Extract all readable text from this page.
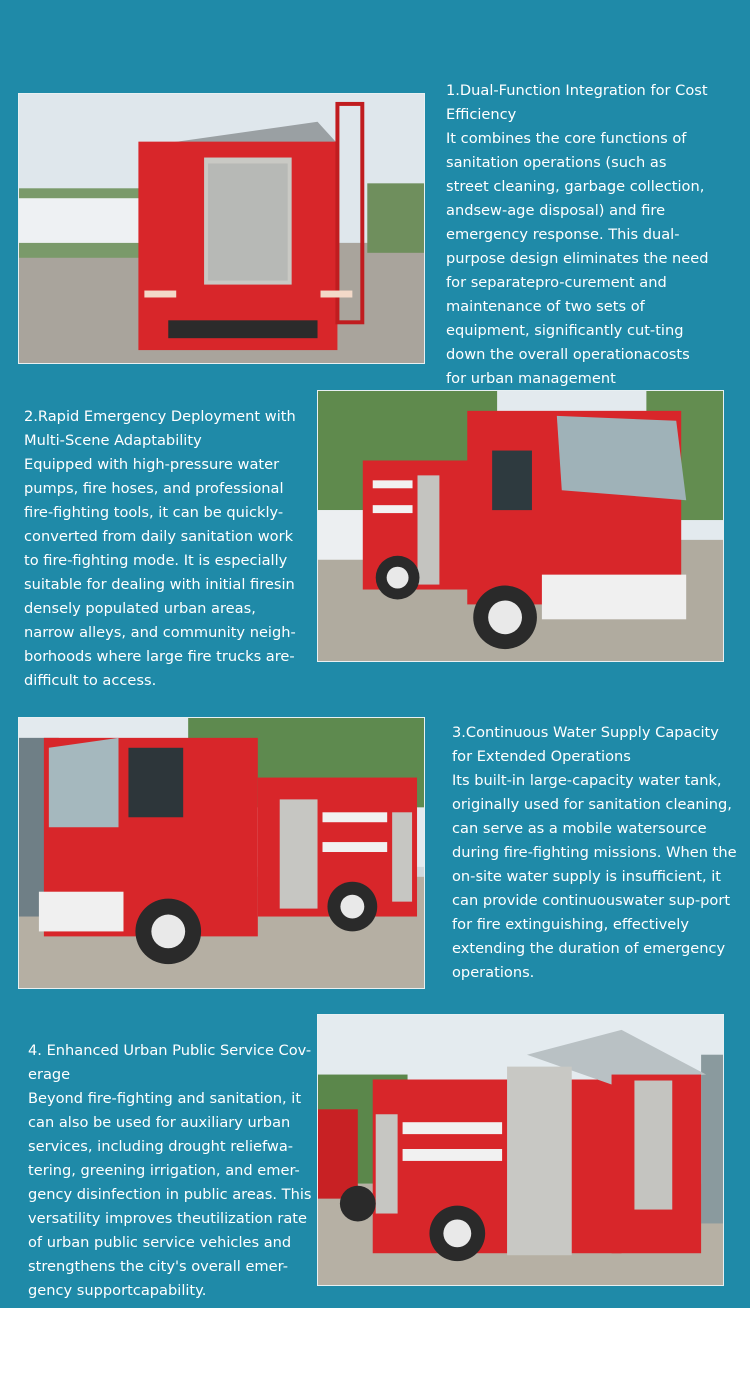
1.Dual-Function Integration for Cost Efficiency

It combines the core functions of sanitation operations (such as street cleaning, garbage collection, andsew-age disposal) and fire emergency response. This dual-purpose design eliminates the need for separatepro-curement and maintenance of two sets of equipment, significantly cut-ting down the overall operationacosts for urban management

2.Rapid Emergency Deployment with Multi-Scene Adaptability

Equipped with high-pressure water pumps, fire hoses, and professional fire-fighting tools, it can be quickly-converted from daily sanitation work to fire-fighting mode. It is especially suitable for dealing with initial firesin densely populated urban areas, narrow alleys, and community neigh-borhoods where large fire trucks are-difficult to access.

3.Continuous Water Supply Capacity for Extended Operations

Its built-in large-capacity water tank, originally used for sanitation cleaning, can serve as a mobile watersource during fire-fighting missions. When the on-site water supply is insufficient, it can provide continuouswater sup-port for fire extinguishing, effectively extending the duration of emergency operations.

4. Enhanced Urban Public Service Cov-erage

Beyond fire-fighting and sanitation, it can also be used for auxiliary urban services, including drought reliefwa-tering, greening irrigation, and emer-gency disinfection in public areas. This versatility improves theutilization rate of urban public service vehicles and strengthens the city's overall emer-gency supportcapability.
